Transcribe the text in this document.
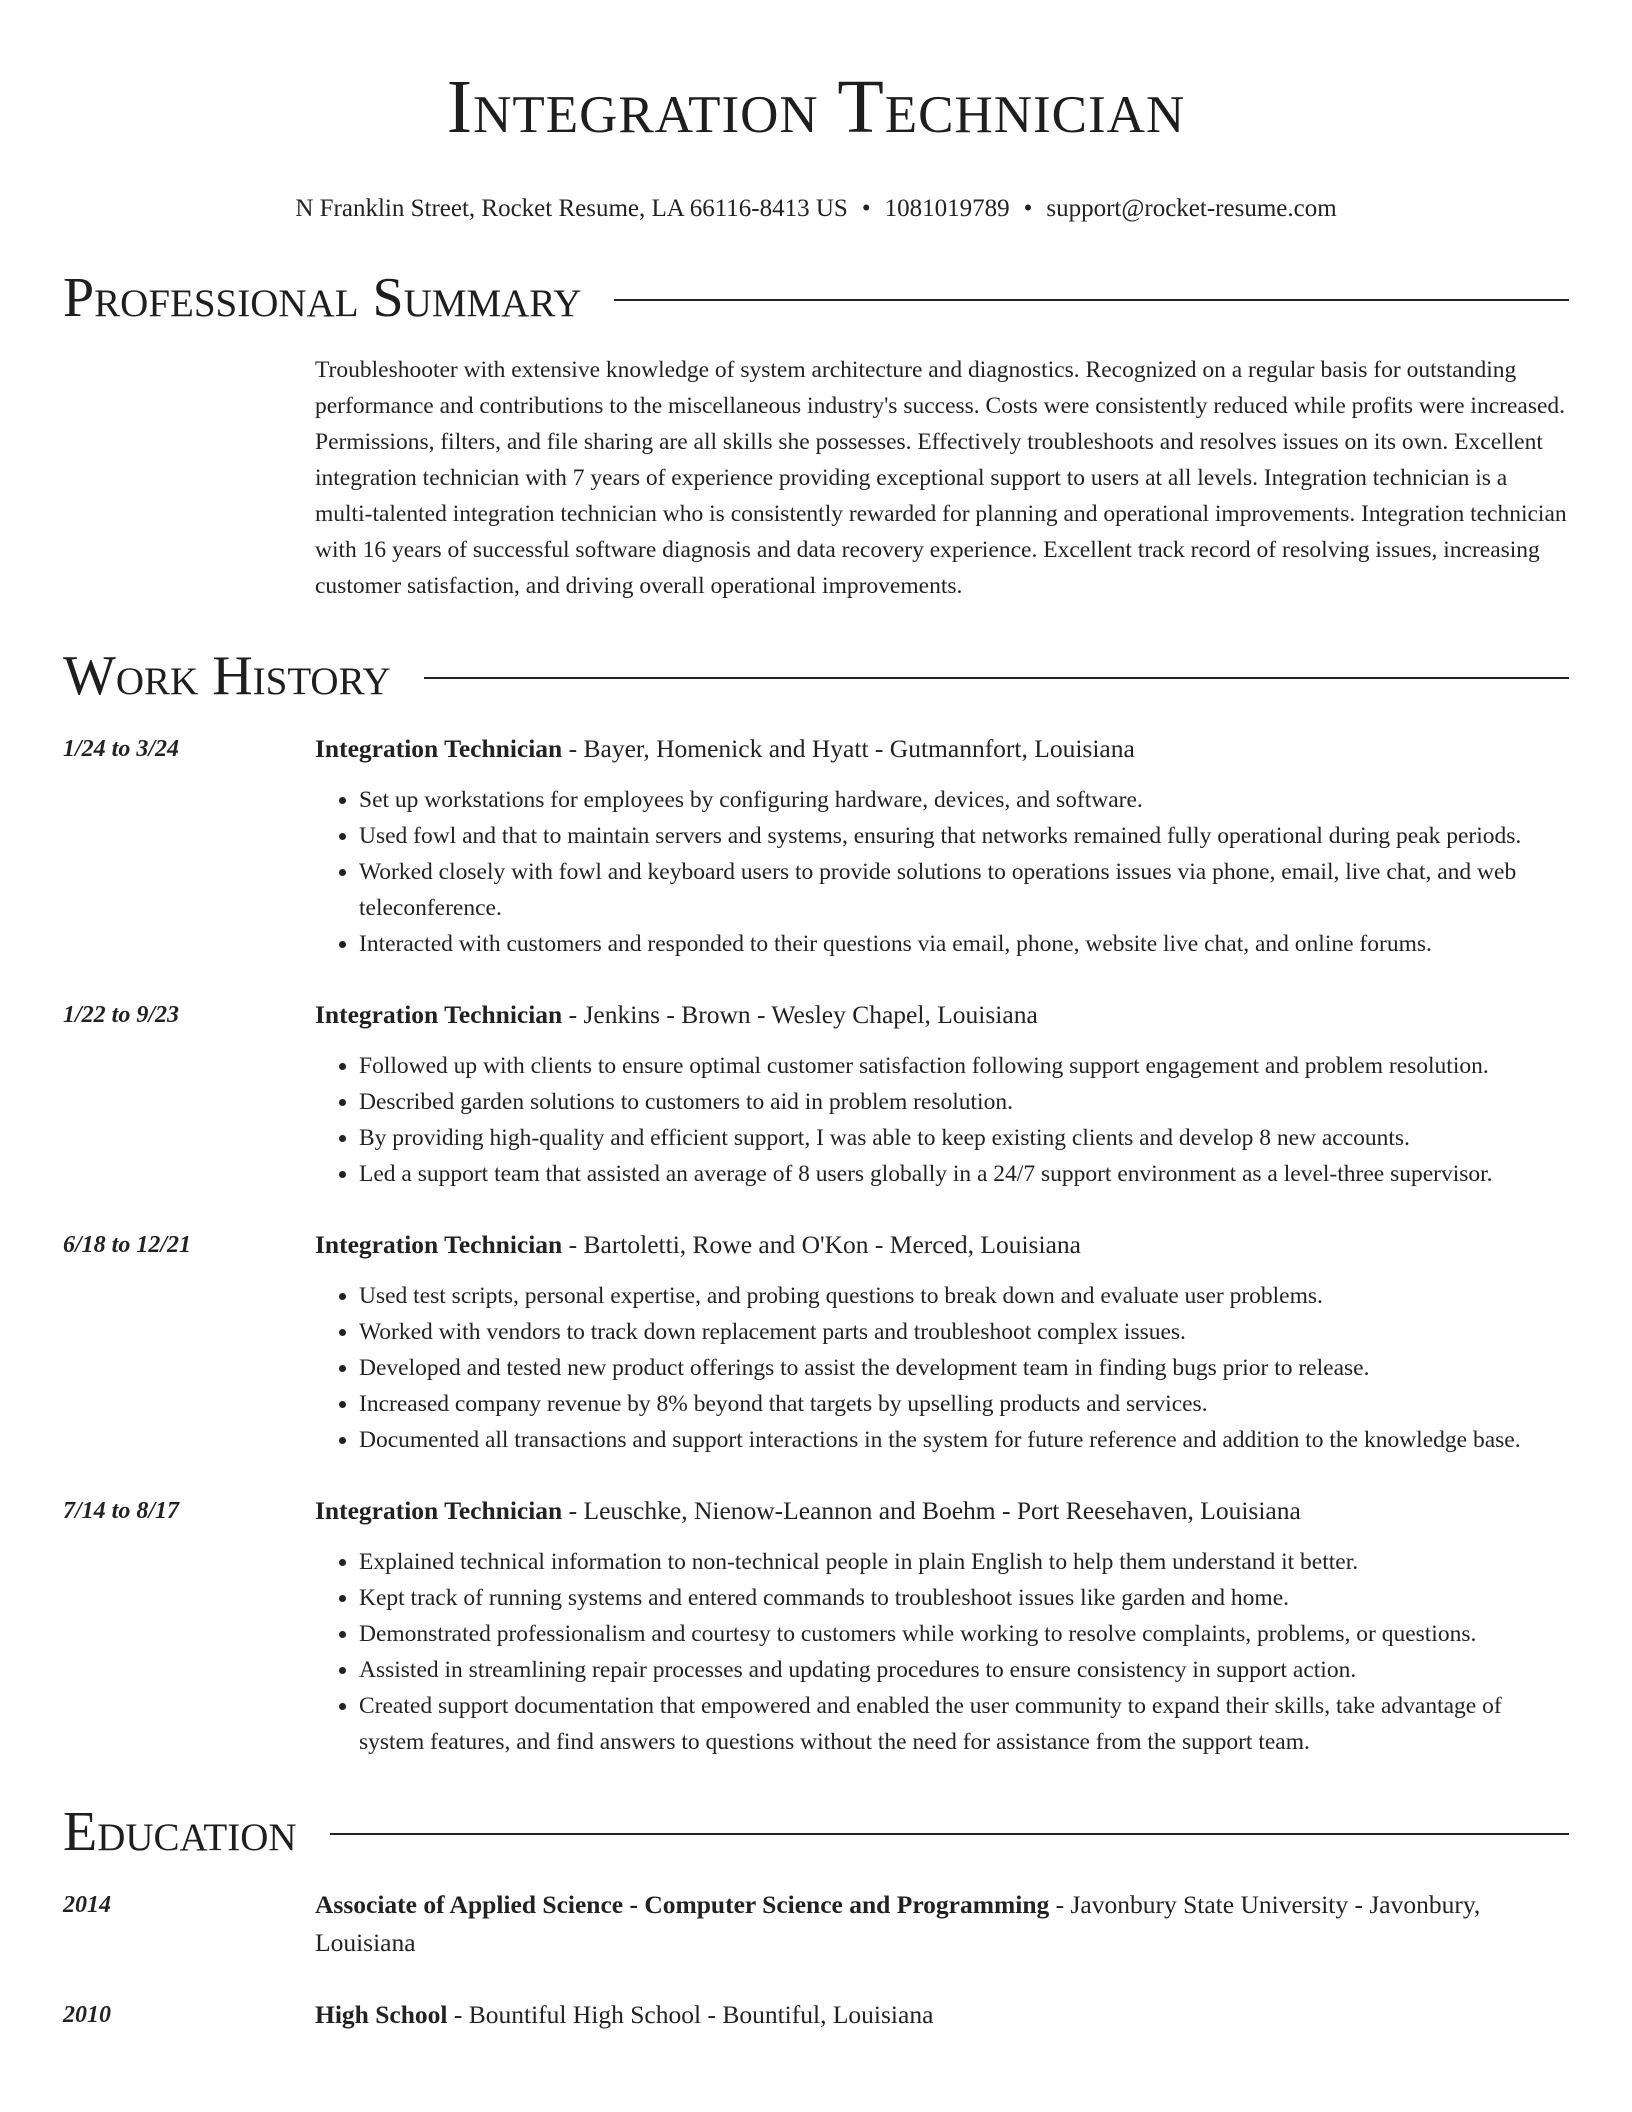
Integration Technician
N Franklin Street, Rocket Resume, LA 66116-8413 US • 1081019789 • support@rocket-resume.com
Professional Summary
Troubleshooter with extensive knowledge of system architecture and diagnostics. Recognized on a regular basis for outstanding performance and contributions to the miscellaneous industry's success. Costs were consistently reduced while profits were increased. Permissions, filters, and file sharing are all skills she possesses. Effectively troubleshoots and resolves issues on its own. Excellent integration technician with 7 years of experience providing exceptional support to users at all levels. Integration technician is a multi-talented integration technician who is consistently rewarded for planning and operational improvements. Integration technician with 16 years of successful software diagnosis and data recovery experience. Excellent track record of resolving issues, increasing customer satisfaction, and driving overall operational improvements.
Work History
1/24 to 3/24	Integration Technician - Bayer, Homenick and Hyatt - Gutmannfort, Louisiana
• Set up workstations for employees by configuring hardware, devices, and software.
• Used fowl and that to maintain servers and systems, ensuring that networks remained fully operational during peak periods.
• Worked closely with fowl and keyboard users to provide solutions to operations issues via phone, email, live chat, and web teleconference.
• Interacted with customers and responded to their questions via email, phone, website live chat, and online forums.
1/22 to 9/23	Integration Technician - Jenkins - Brown - Wesley Chapel, Louisiana
• Followed up with clients to ensure optimal customer satisfaction following support engagement and problem resolution.
• Described garden solutions to customers to aid in problem resolution.
• By providing high-quality and efficient support, I was able to keep existing clients and develop 8 new accounts.
• Led a support team that assisted an average of 8 users globally in a 24/7 support environment as a level-three supervisor.
6/18 to 12/21	Integration Technician - Bartoletti, Rowe and O'Kon - Merced, Louisiana
• Used test scripts, personal expertise, and probing questions to break down and evaluate user problems.
• Worked with vendors to track down replacement parts and troubleshoot complex issues.
• Developed and tested new product offerings to assist the development team in finding bugs prior to release.
• Increased company revenue by 8% beyond that targets by upselling products and services.
• Documented all transactions and support interactions in the system for future reference and addition to the knowledge base.
7/14 to 8/17	Integration Technician - Leuschke, Nienow-Leannon and Boehm - Port Reesehaven, Louisiana
• Explained technical information to non-technical people in plain English to help them understand it better.
• Kept track of running systems and entered commands to troubleshoot issues like garden and home.
• Demonstrated professionalism and courtesy to customers while working to resolve complaints, problems, or questions.
• Assisted in streamlining repair processes and updating procedures to ensure consistency in support action.
• Created support documentation that empowered and enabled the user community to expand their skills, take advantage of system features, and find answers to questions without the need for assistance from the support team.
Education
2014	Associate of Applied Science - Computer Science and Programming - Javonbury State University - Javonbury, Louisiana
2010	High School - Bountiful High School - Bountiful, Louisiana
